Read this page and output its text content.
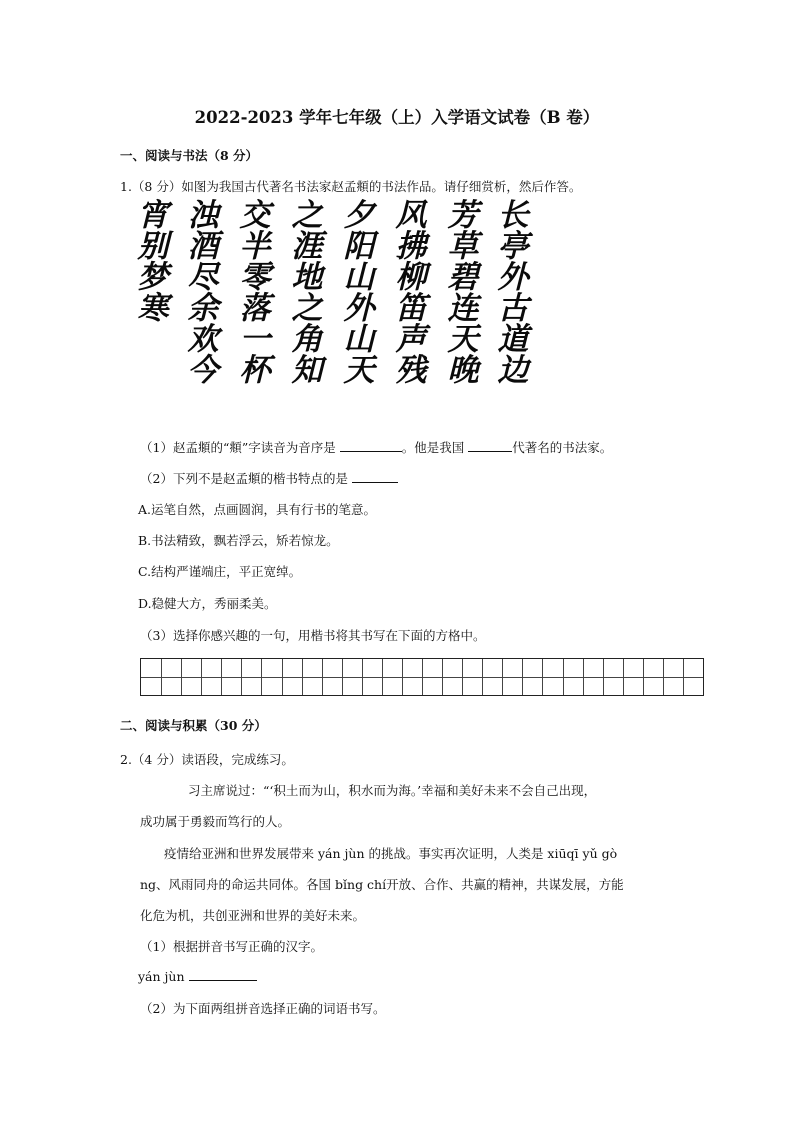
2022-2023 学年七年级（上）入学语文试卷（B 卷）
一、阅读与书法（8 分）
1.（8 分）如图为我国古代著名书法家赵孟頫的书法作品。请仔细赏析，然后作答。
宵别梦寒 浊酒尽余欢今 交半零落一杯 之涯地之角知 夕阳山外山天 风拂柳笛声残 芳草碧连天晚 长亭外古道边
（1）赵孟頫的“頫”字读音为音序是	。他是我国	代著名的书法家。
（2）下列不是赵孟頫的楷书特点的是
A.运笔自然，点画圆润，具有行书的笔意。
B.书法精致，飘若浮云，矫若惊龙。
C.结构严谨端庄，平正宽绰。
D.稳健大方，秀丽柔美。
（3）选择你感兴趣的一句，用楷书将其书写在下面的方格中。
二、阅读与积累（30 分）
2.（4 分）读语段，完成练习。
习主席说过：“‘积土而为山，积水而为海。’幸福和美好未来不会自己出现，
成功属于勇毅而笃行的人。
疫情给亚洲和世界发展带来 yán jùn 的挑战。事实再次证明，人类是 xiūqī yǔ gò
ng、风雨同舟的命运共同体。各国 bǐng chí开放、合作、共赢的精神，共谋发展，方能
化危为机，共创亚洲和世界的美好未来。
（1）根据拼音书写正确的汉字。
yán jùn
（2）为下面两组拼音选择正确的词语书写。
